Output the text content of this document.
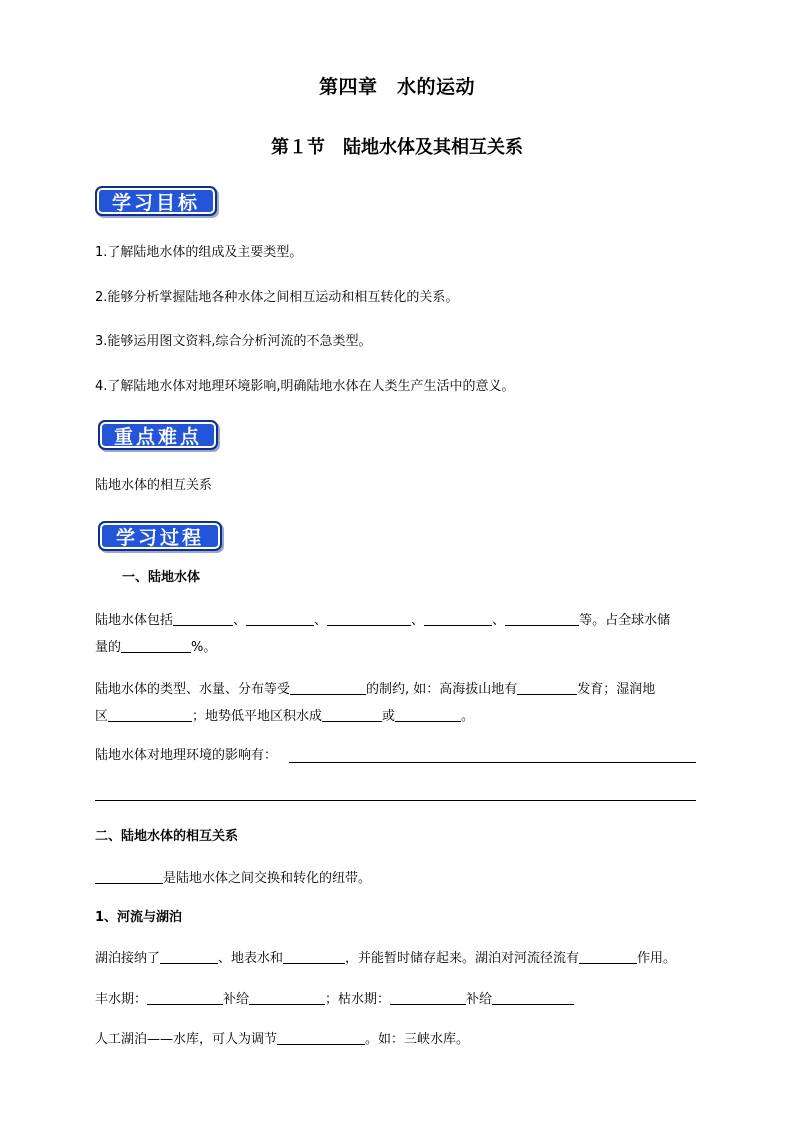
第四章　水的运动
第１节　陆地水体及其相互关系
学习目标
1.了解陆地水体的组成及主要类型。
2.能够分析掌握陆地各种水体之间相互运动和相互转化的关系。
3.能够运用图文资料,综合分析河流的不急类型。
4.了解陆地水体对地理环境影响,明确陆地水体在人类生产生活中的意义。
重点难点
陆地水体的相互关系
学习过程
一、陆地水体
陆地水体包括	、	、	、	、	等。占全球水储
量的	%。
陆地水体的类型、水量、分布等受	的制约, 如：高海拔山地有	发育；湿润地
区	；地势低平地区积水成	或	。
陆地水体对地理环境的影响有：
二、陆地水体的相互关系
是陆地水体之间交换和转化的纽带。
1、河流与湖泊
湖泊接纳了	、地表水和	，并能暂时储存起来。湖泊对河流径流有	作用。
丰水期：	补给	；枯水期：	补给
人工湖泊——水库，可人为调节	。如：三峡水库。
